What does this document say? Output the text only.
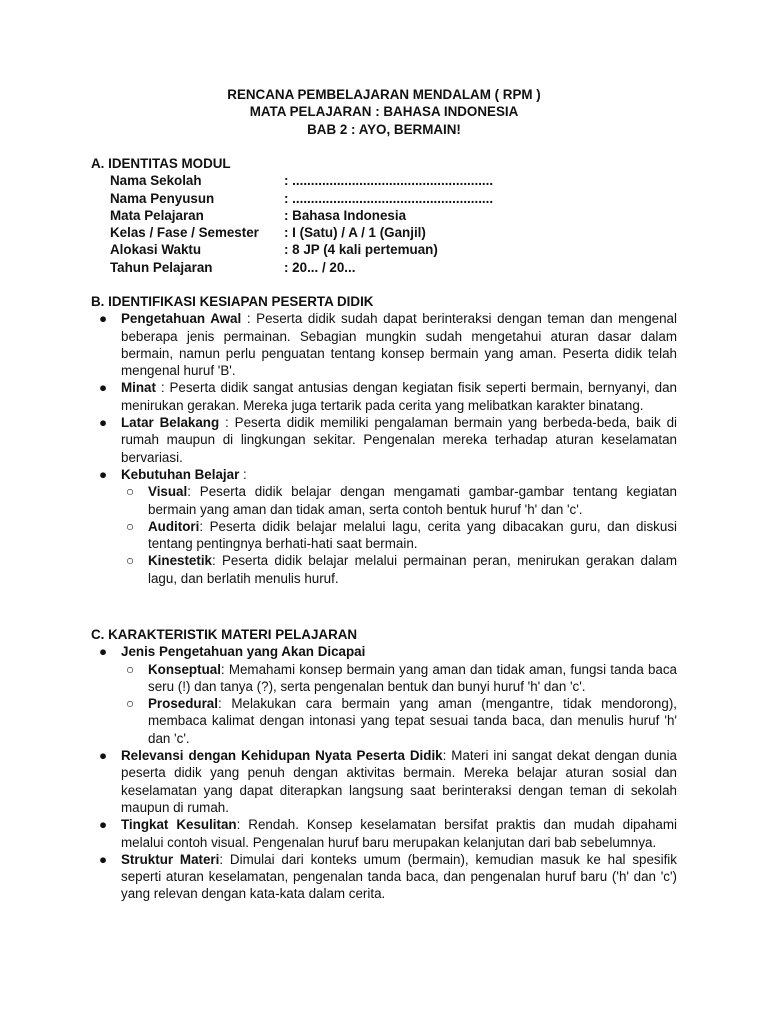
RENCANA PEMBELAJARAN MENDALAM ( RPM )
MATA PELAJARAN : BAHASA INDONESIA
BAB 2 : AYO, BERMAIN!
A. IDENTITAS MODUL
Nama Sekolah	: ......................................................
Nama Penyusun	: ......................................................
Mata Pelajaran	: Bahasa Indonesia
Kelas / Fase / Semester	: I (Satu) / A / 1 (Ganjil)
Alokasi Waktu	: 8 JP (4 kali pertemuan)
Tahun Pelajaran	: 20... / 20...
B. IDENTIFIKASI KESIAPAN PESERTA DIDIK
● Pengetahuan Awal : Peserta didik sudah dapat berinteraksi dengan teman dan mengenal beberapa jenis permainan. Sebagian mungkin sudah mengetahui aturan dasar dalam bermain, namun perlu penguatan tentang konsep bermain yang aman. Peserta didik telah mengenal huruf 'B'.
● Minat : Peserta didik sangat antusias dengan kegiatan fisik seperti bermain, bernyanyi, dan menirukan gerakan. Mereka juga tertarik pada cerita yang melibatkan karakter binatang.
● Latar Belakang : Peserta didik memiliki pengalaman bermain yang berbeda-beda, baik di rumah maupun di lingkungan sekitar. Pengenalan mereka terhadap aturan keselamatan bervariasi.
● Kebutuhan Belajar :
○ Visual: Peserta didik belajar dengan mengamati gambar-gambar tentang kegiatan bermain yang aman dan tidak aman, serta contoh bentuk huruf 'h' dan 'c'.
○ Auditori: Peserta didik belajar melalui lagu, cerita yang dibacakan guru, dan diskusi tentang pentingnya berhati-hati saat bermain.
○ Kinestetik: Peserta didik belajar melalui permainan peran, menirukan gerakan dalam lagu, dan berlatih menulis huruf.
C. KARAKTERISTIK MATERI PELAJARAN
● Jenis Pengetahuan yang Akan Dicapai
○ Konseptual: Memahami konsep bermain yang aman dan tidak aman, fungsi tanda baca seru (!) dan tanya (?), serta pengenalan bentuk dan bunyi huruf 'h' dan 'c'.
○ Prosedural: Melakukan cara bermain yang aman (mengantre, tidak mendorong), membaca kalimat dengan intonasi yang tepat sesuai tanda baca, dan menulis huruf 'h' dan 'c'.
● Relevansi dengan Kehidupan Nyata Peserta Didik: Materi ini sangat dekat dengan dunia peserta didik yang penuh dengan aktivitas bermain. Mereka belajar aturan sosial dan keselamatan yang dapat diterapkan langsung saat berinteraksi dengan teman di sekolah maupun di rumah.
● Tingkat Kesulitan: Rendah. Konsep keselamatan bersifat praktis dan mudah dipahami melalui contoh visual. Pengenalan huruf baru merupakan kelanjutan dari bab sebelumnya.
● Struktur Materi: Dimulai dari konteks umum (bermain), kemudian masuk ke hal spesifik seperti aturan keselamatan, pengenalan tanda baca, dan pengenalan huruf baru ('h' dan 'c') yang relevan dengan kata-kata dalam cerita.
